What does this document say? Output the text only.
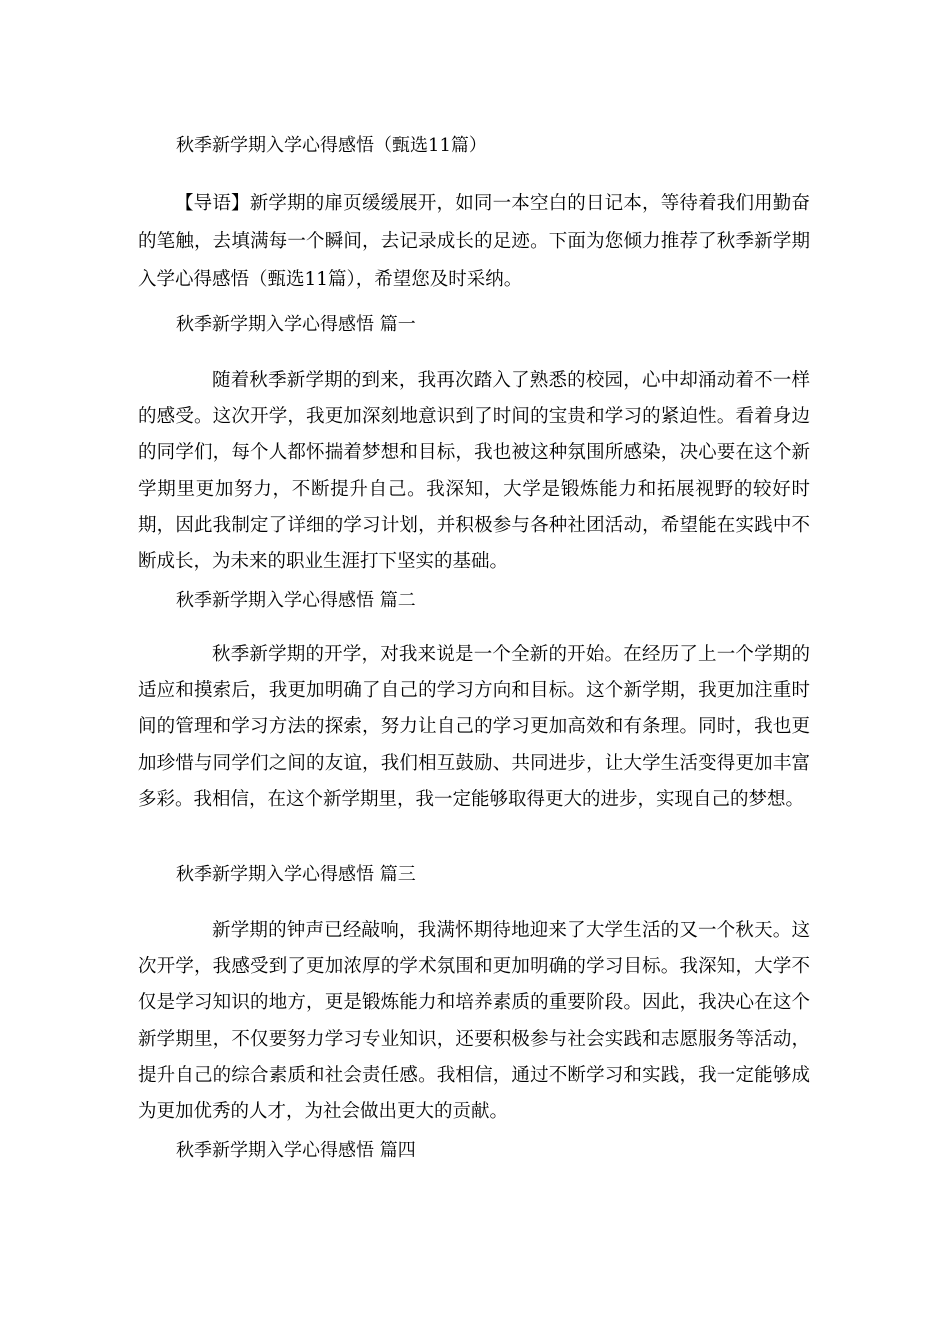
秋季新学期入学心得感悟（甄选11篇）

【导语】新学期的扉页缓缓展开，如同一本空白的日记本，等待着我们用勤奋的笔触，去填满每一个瞬间，去记录成长的足迹。下面为您倾力推荐了秋季新学期入学心得感悟（甄选11篇），希望您及时采纳。

秋季新学期入学心得感悟 篇一

随着秋季新学期的到来，我再次踏入了熟悉的校园，心中却涌动着不一样的感受。这次开学，我更加深刻地意识到了时间的宝贵和学习的紧迫性。看着身边的同学们，每个人都怀揣着梦想和目标，我也被这种氛围所感染，决心要在这个新学期里更加努力，不断提升自己。我深知，大学是锻炼能力和拓展视野的较好时期，因此我制定了详细的学习计划，并积极参与各种社团活动，希望能在实践中不断成长，为未来的职业生涯打下坚实的基础。

秋季新学期入学心得感悟 篇二

秋季新学期的开学，对我来说是一个全新的开始。在经历了上一个学期的适应和摸索后，我更加明确了自己的学习方向和目标。这个新学期，我更加注重时间的管理和学习方法的探索，努力让自己的学习更加高效和有条理。同时，我也更加珍惜与同学们之间的友谊，我们相互鼓励、共同进步，让大学生活变得更加丰富多彩。我相信，在这个新学期里，我一定能够取得更大的进步，实现自己的梦想。

秋季新学期入学心得感悟 篇三

新学期的钟声已经敲响，我满怀期待地迎来了大学生活的又一个秋天。这次开学，我感受到了更加浓厚的学术氛围和更加明确的学习目标。我深知，大学不仅是学习知识的地方，更是锻炼能力和培养素质的重要阶段。因此，我决心在这个新学期里，不仅要努力学习专业知识，还要积极参与社会实践和志愿服务等活动，提升自己的综合素质和社会责任感。我相信，通过不断学习和实践，我一定能够成为更加优秀的人才，为社会做出更大的贡献。

秋季新学期入学心得感悟 篇四
